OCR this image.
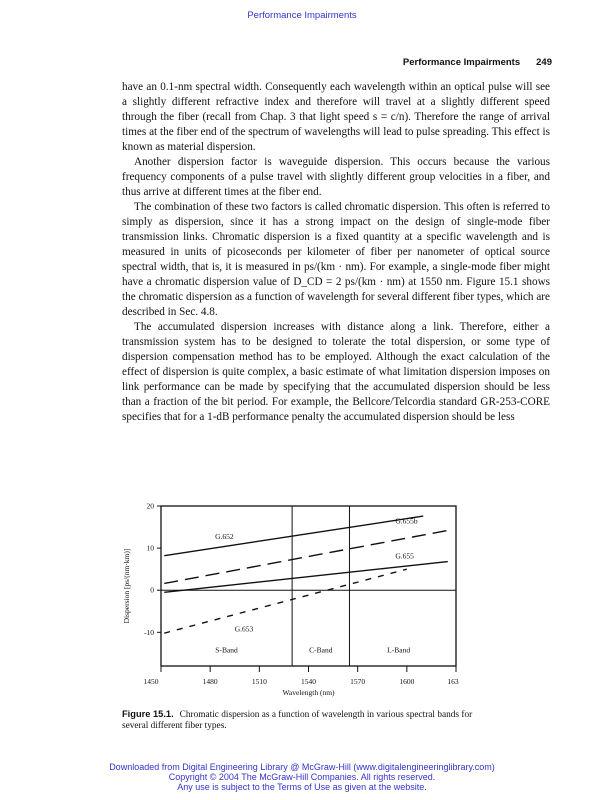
Performance Impairments
Performance Impairments 249

have an 0.1-nm spectral width. Consequently each wavelength within an optical pulse will see a slightly different refractive index and therefore will travel at a slightly different speed through the fiber (recall from Chap. 3 that light speed s = c/n). Therefore the range of arrival times at the fiber end of the spectrum of wavelengths will lead to pulse spreading. This effect is known as material dispersion.

Another dispersion factor is waveguide dispersion. This occurs because the various frequency components of a pulse travel with slightly different group velocities in a fiber, and thus arrive at different times at the fiber end.

The combination of these two factors is called chromatic dispersion. This often is referred to simply as dispersion, since it has a strong impact on the design of single-mode fiber transmission links. Chromatic dispersion is a fixed quantity at a specific wavelength and is measured in units of picoseconds per kilometer of fiber per nanometer of optical source spectral width, that is, it is measured in ps/(km · nm). For example, a single-mode fiber might have a chromatic dispersion value of D_CD = 2 ps/(km · nm) at 1550 nm. Figure 15.1 shows the chromatic dispersion as a function of wavelength for several different fiber types, which are described in Sec. 4.8.

The accumulated dispersion increases with distance along a link. Therefore, either a transmission system has to be designed to tolerate the total dispersion, or some type of dispersion compensation method has to be employed. Although the exact calculation of the effect of dispersion is quite complex, a basic estimate of what limitation dispersion imposes on link performance can be made by specifying that the accumulated dispersion should be less than a fraction of the bit period. For example, the Bellcore/Telcordia standard GR-253-CORE specifies that for a 1-dB performance penalty the accumulated dispersion should be less

S-Band	C-Band	L-Band
20
10
0
-10
1450	1480	1510	1540	1570	1600	163
Wavelength (nm)
Dispersion [ps/(nm·km)]
G.652
G.655b
G.655
G.653
Figure 15.1. Chromatic dispersion as a function of wavelength in various spectral bands for several different fiber types.
Downloaded from Digital Engineering Library @ McGraw-Hill (www.digitalengineeringlibrary.com)
Copyright © 2004 The McGraw-Hill Companies. All rights reserved.
Any use is subject to the Terms of Use as given at the website.
